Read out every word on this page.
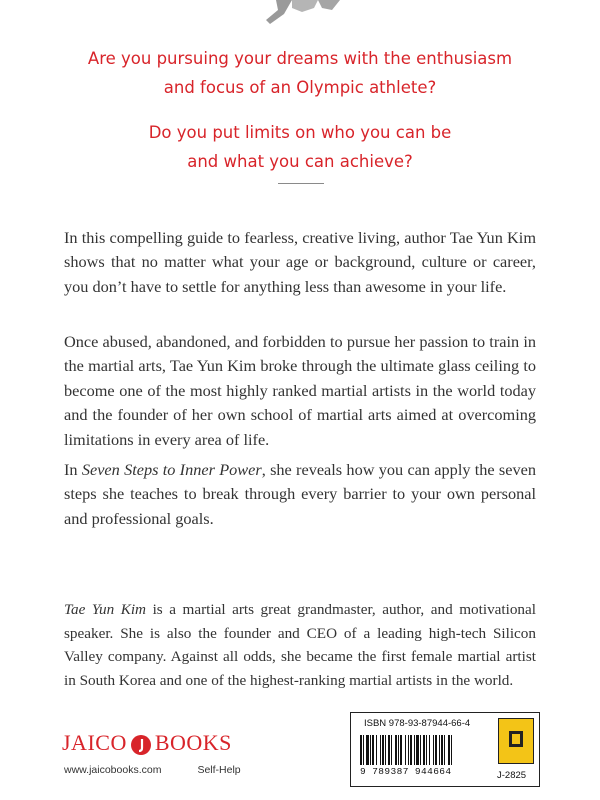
Are you pursuing your dreams with the enthusiasm
and focus of an Olympic athlete?
Do you put limits on who you can be
and what you can achieve?

In this compelling guide to fearless, creative living, author Tae Yun Kim shows that no matter what your age or background, culture or career, you don’t have to settle for anything less than awesome in your life.

Once abused, abandoned, and forbidden to pursue her passion to train in the martial arts, Tae Yun Kim broke through the ultimate glass ceiling to become one of the most highly ranked martial artists in the world today and the founder of her own school of martial arts aimed at overcoming limitations in every area of life.

In Seven Steps to Inner Power, she reveals how you can apply the seven steps she teaches to break through every barrier to your own personal and professional goals.

Tae Yun Kim is a martial arts great grandmaster, author, and motivational speaker. She is also the founder and CEO of a leading high-tech Silicon Valley company. Against all odds, she became the first female martial artist in South Korea and one of the highest-ranking martial artists in the world.

JAICO BOOKS
www.jaicobooks.com	Self-Help
ISBN 978-93-87944-66-4
9 789387 944664	J-2825
